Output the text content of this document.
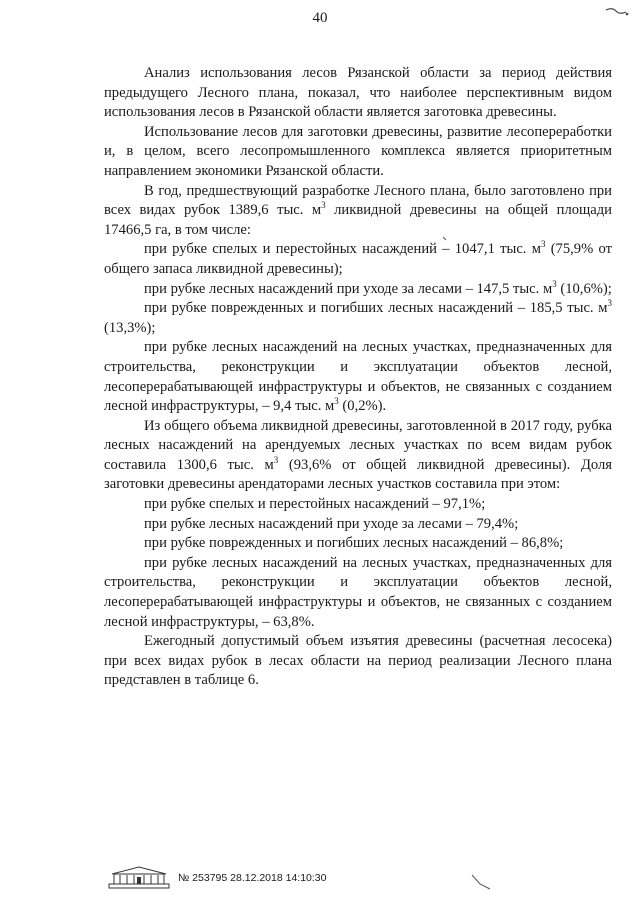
40

Анализ использования лесов Рязанской области за период действия предыдущего Лесного плана, показал, что наиболее перспективным видом использования лесов в Рязанской области является заготовка древесины.

Использование лесов для заготовки древесины, развитие лесопереработки и, в целом, всего лесопромышленного комплекса является приоритетным направлением экономики Рязанской области.

В год, предшествующий разработке Лесного плана, было заготовлено при всех видах рубок 1389,6 тыс. $м^3$ ликвидной древесины на общей площади 17466,5 га, в том числе:

при рубке спелых и перестойных насаждений – 1047,1 тыс. $м^3$ (75,9% от общего запаса ликвидной древесины);

при рубке лесных насаждений при уходе за лесами – 147,5 тыс. $м^3$ (10,6%);

при рубке поврежденных и погибших лесных насаждений – 185,5 тыс. $м^3$ (13,3%);

при рубке лесных насаждений на лесных участках, предназначенных для строительства, реконструкции и эксплуатации объектов лесной, лесоперерабатывающей инфраструктуры и объектов, не связанных с созданием лесной инфраструктуры, – 9,4 тыс. $м^3$ (0,2%).

Из общего объема ликвидной древесины, заготовленной в 2017 году, рубка лесных насаждений на арендуемых лесных участках по всем видам рубок составила 1300,6 тыс. $м^3$ (93,6% от общей ликвидной древесины). Доля заготовки древесины арендаторами лесных участков составила при этом:

при рубке спелых и перестойных насаждений – 97,1%;

при рубке лесных насаждений при уходе за лесами – 79,4%;

при рубке поврежденных и погибших лесных насаждений – 86,8%;

при рубке лесных насаждений на лесных участках, предназначенных для строительства, реконструкции и эксплуатации объектов лесной, лесоперерабатывающей инфраструктуры и объектов, не связанных с созданием лесной инфраструктуры, – 63,8%.

Ежегодный допустимый объем изъятия древесины (расчетная лесосека) при всех видах рубок в лесах области на период реализации Лесного плана представлен в таблице 6.

№ 253795 28.12.2018 14:10:30
